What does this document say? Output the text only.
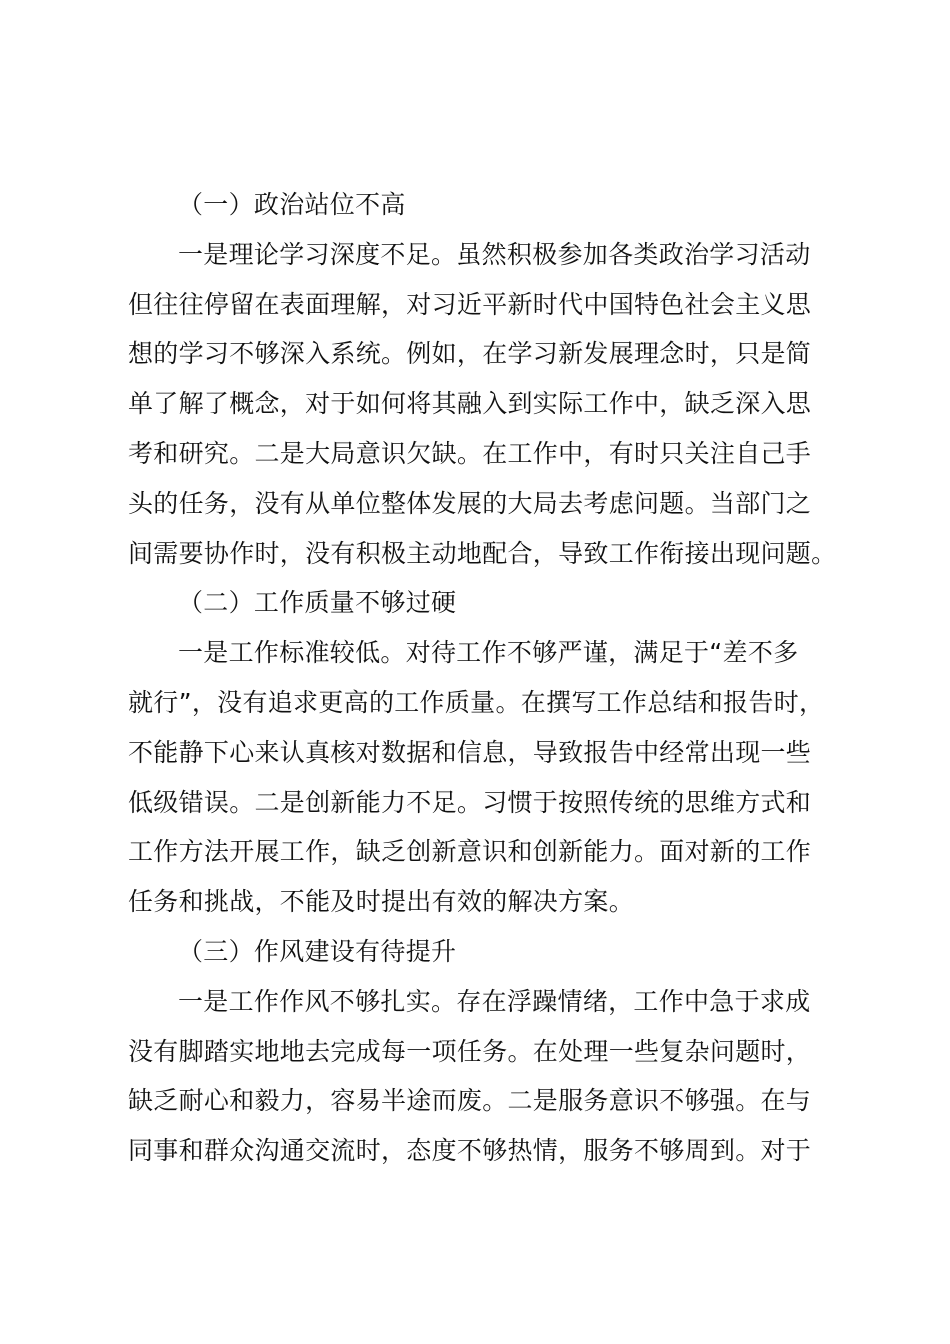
（一）政治站位不高
一是理论学习深度不足。虽然积极参加各类政治学习活动
但往往停留在表面理解，对习近平新时代中国特色社会主义思
想的学习不够深入系统。例如，在学习新发展理念时，只是简
单了解了概念，对于如何将其融入到实际工作中，缺乏深入思
考和研究。二是大局意识欠缺。在工作中，有时只关注自己手
头的任务，没有从单位整体发展的大局去考虑问题。当部门之
间需要协作时，没有积极主动地配合，导致工作衔接出现问题。
（二）工作质量不够过硬
一是工作标准较低。对待工作不够严谨，满足于“差不多
就行”，没有追求更高的工作质量。在撰写工作总结和报告时，
不能静下心来认真核对数据和信息，导致报告中经常出现一些
低级错误。二是创新能力不足。习惯于按照传统的思维方式和
工作方法开展工作，缺乏创新意识和创新能力。面对新的工作
任务和挑战，不能及时提出有效的解决方案。
（三）作风建设有待提升
一是工作作风不够扎实。存在浮躁情绪，工作中急于求成
没有脚踏实地地去完成每一项任务。在处理一些复杂问题时，
缺乏耐心和毅力，容易半途而废。二是服务意识不够强。在与
同事和群众沟通交流时，态度不够热情，服务不够周到。对于
